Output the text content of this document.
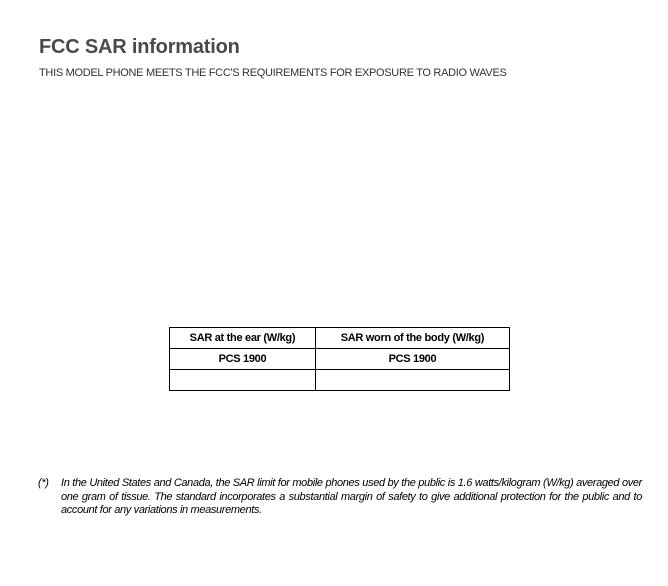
FCC SAR information
THIS MODEL PHONE MEETS THE FCC'S REQUIREMENTS FOR EXPOSURE TO RADIO WAVES
SAR at the ear (W/kg)	SAR worn of the body (W/kg)
PCS 1900	PCS 1900

(*) In the United States and Canada, the SAR limit for mobile phones used by the public is 1.6 watts/kilogram (W/kg) averaged over one gram of tissue. The standard incorporates a substantial margin of safety to give additional protection for the public and to account for any variations in measurements.
